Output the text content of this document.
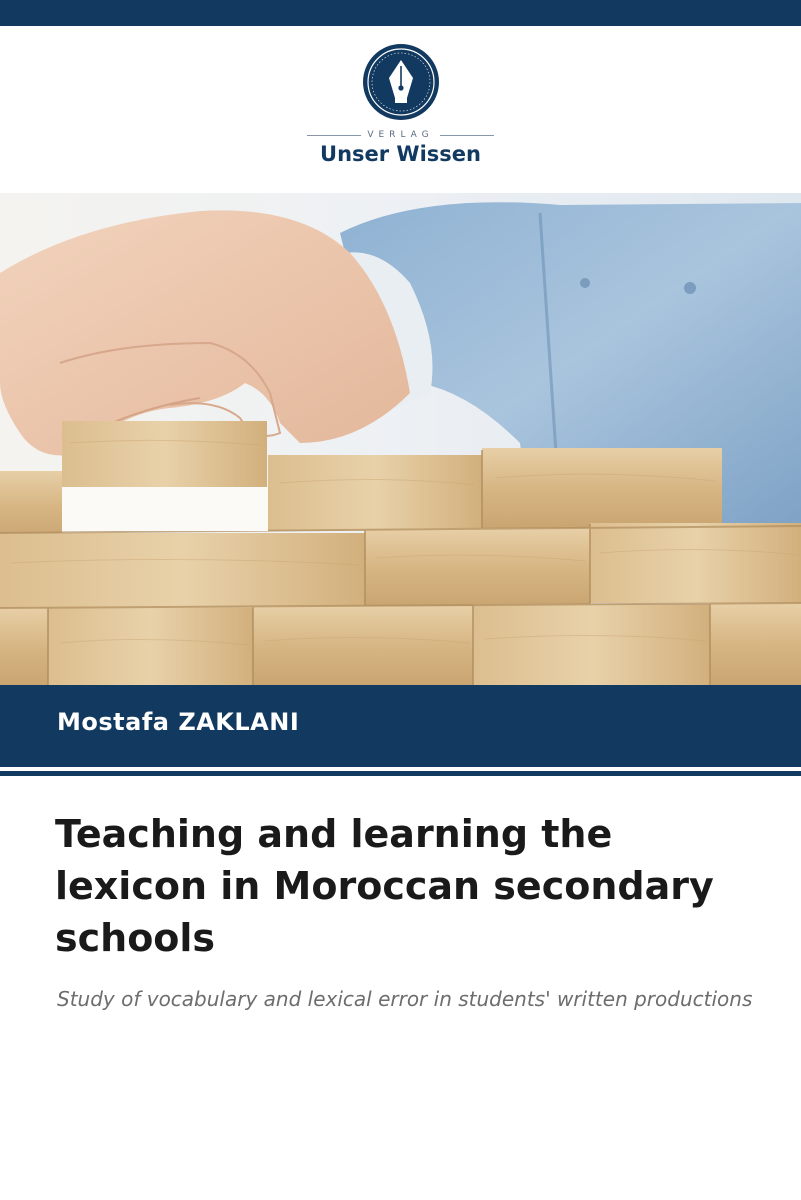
VERLAG
Unser Wissen
Mostafa ZAKLANI
Teaching and learning the lexicon in Moroccan secondary schools
Study of vocabulary and lexical error in students' written productions
